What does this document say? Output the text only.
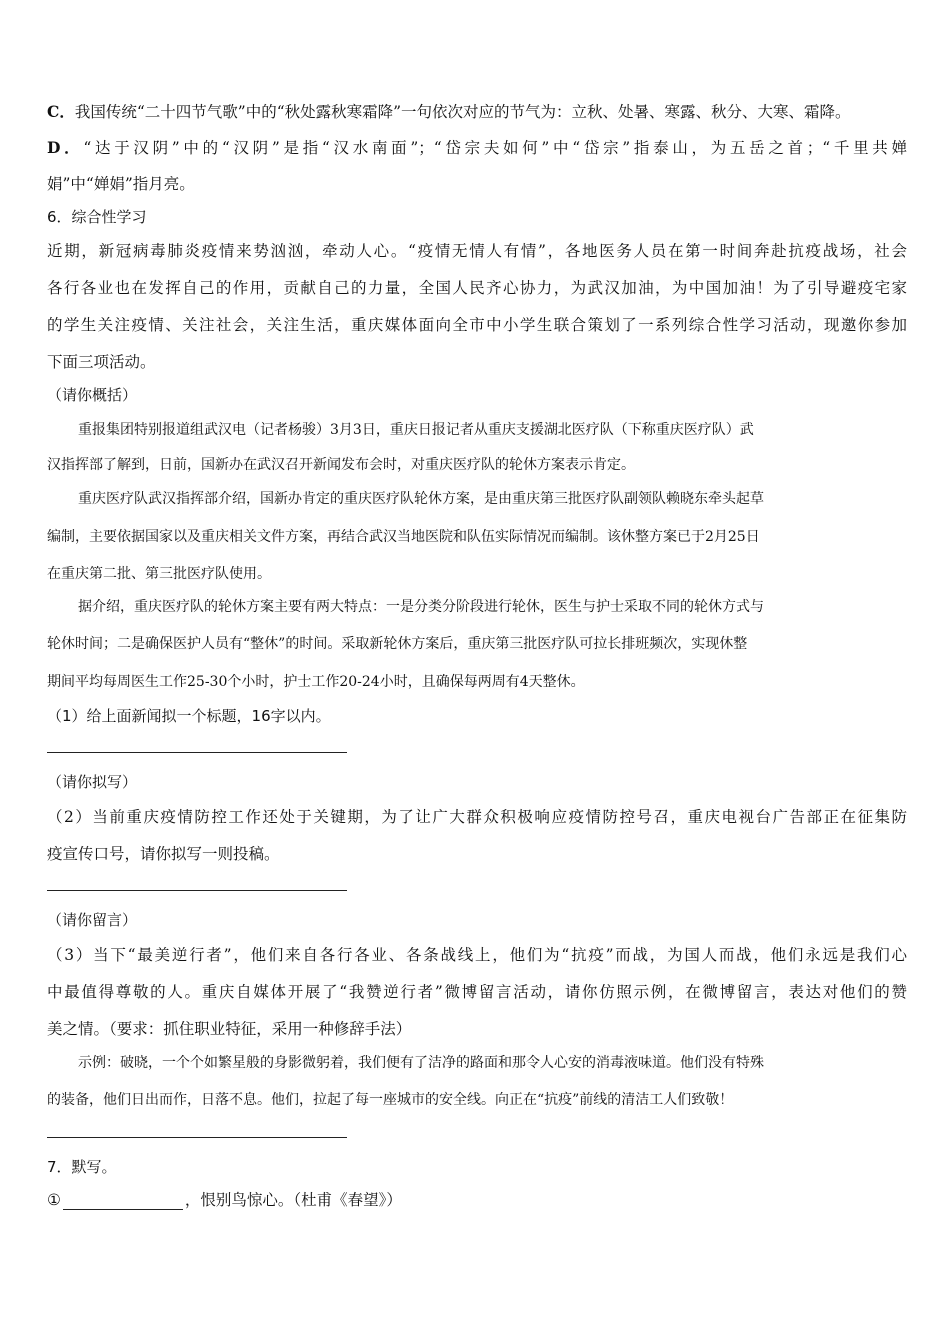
C．我国传统“二十四节气歌”中的“秋处露秋寒霜降”一句依次对应的节气为：立秋、处暑、寒露、秋分、大寒、霜降。

D．“达于汉阴”中的“汉阴”是指“汉水南面”；“岱宗夫如何”中“岱宗”指泰山，为五岳之首；“千里共婵

娟”中“婵娟”指月亮。

6．综合性学习

近期，新冠病毒肺炎疫情来势汹汹，牵动人心。“疫情无情人有情”，各地医务人员在第一时间奔赴抗疫战场，社会

各行各业也在发挥自己的作用，贡献自己的力量，全国人民齐心协力，为武汉加油，为中国加油！为了引导避疫宅家

的学生关注疫情、关注社会，关注生活，重庆媒体面向全市中小学生联合策划了一系列综合性学习活动，现邀你参加

下面三项活动。

（请你概括）

重报集团特别报道组武汉电（记者杨骏）3月3日，重庆日报记者从重庆支援湖北医疗队（下称重庆医疗队）武

汉指挥部了解到，日前，国新办在武汉召开新闻发布会时，对重庆医疗队的轮休方案表示肯定。

重庆医疗队武汉指挥部介绍，国新办肯定的重庆医疗队轮休方案，是由重庆第三批医疗队副领队赖晓东牵头起草

编制，主要依据国家以及重庆相关文件方案，再结合武汉当地医院和队伍实际情况而编制。该休整方案已于2月25日

在重庆第二批、第三批医疗队使用。

据介绍，重庆医疗队的轮休方案主要有两大特点：一是分类分阶段进行轮休，医生与护士采取不同的轮休方式与

轮休时间；二是确保医护人员有“整休”的时间。采取新轮休方案后，重庆第三批医疗队可拉长排班频次，实现休整

期间平均每周医生工作25-30个小时，护士工作20-24小时，且确保每两周有4天整休。

（1）给上面新闻拟一个标题，16字以内。

（请你拟写）

（2）当前重庆疫情防控工作还处于关键期，为了让广大群众积极响应疫情防控号召，重庆电视台广告部正在征集防

疫宣传口号，请你拟写一则投稿。

（请你留言）

（3）当下“最美逆行者”，他们来自各行各业、各条战线上，他们为“抗疫”而战，为国人而战，他们永远是我们心

中最值得尊敬的人。重庆自媒体开展了“我赞逆行者”微博留言活动，请你仿照示例，在微博留言，表达对他们的赞

美之情。（要求：抓住职业特征，采用一种修辞手法）

示例：破晓，一个个如繁星般的身影微躬着，我们便有了洁净的路面和那令人心安的消毒液味道。他们没有特殊

的装备，他们日出而作，日落不息。他们，拉起了每一座城市的安全线。向正在“抗疫”前线的清洁工人们致敬！

7．默写。

①	，恨别鸟惊心。（杜甫《春望》）
